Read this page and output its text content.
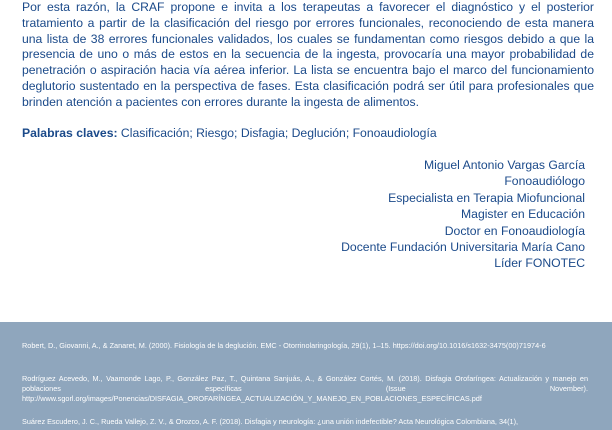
Por esta razón, la CRAF propone e invita a los terapeutas a favorecer el diagnóstico y el posterior tratamiento a partir de la clasificación del riesgo por errores funcionales, reconociendo de esta manera una lista de 38 errores funcionales validados, los cuales se fundamentan como riesgos debido a que la presencia de uno o más de estos en la secuencia de la ingesta, provocaría una mayor probabilidad de penetración o aspiración hacia vía aérea inferior. La lista se encuentra bajo el marco del funcionamiento deglutorio sustentado en la perspectiva de fases. Esta clasificación podrá ser útil para profesionales que brinden atención a pacientes con errores durante la ingesta de alimentos.

Palabras claves: Clasificación; Riesgo; Disfagia; Deglución; Fonoaudiología

Miguel Antonio Vargas García
Fonoaudiólogo
Especialista en Terapia Miofuncional
Magister en Educación
Doctor en Fonoaudiología
Docente Fundación Universitaria María Cano
Líder FONOTEC

Robert, D., Giovanni, A., & Zanaret, M. (2000). Fisiología de la deglución. EMC - Otorrinolaringología, 29(1), 1–15. https://doi.org/10.1016/s1632-3475(00)71974-6

Rodríguez Acevedo, M., Vaamonde Lago, P., González Paz, T., Quintana Sanjuás, A., & González Cortés, M. (2018). Disfagia Orofaríngea: Actualización y manejo en poblaciones específicas (Issue November). http://www.sgorl.org/images/Ponencias/DISFAGIA_OROFARÍNGEA_ACTUALIZACIÓN_Y_MANEJO_EN_POBLACIONES_ESPECÍFICAS.pdf

Suárez Escudero, J. C., Rueda Vallejo, Z. V., & Orozco, A. F. (2018). Disfagia y neurología: ¿una unión indefectible? Acta Neurológica Colombiana, 34(1),
